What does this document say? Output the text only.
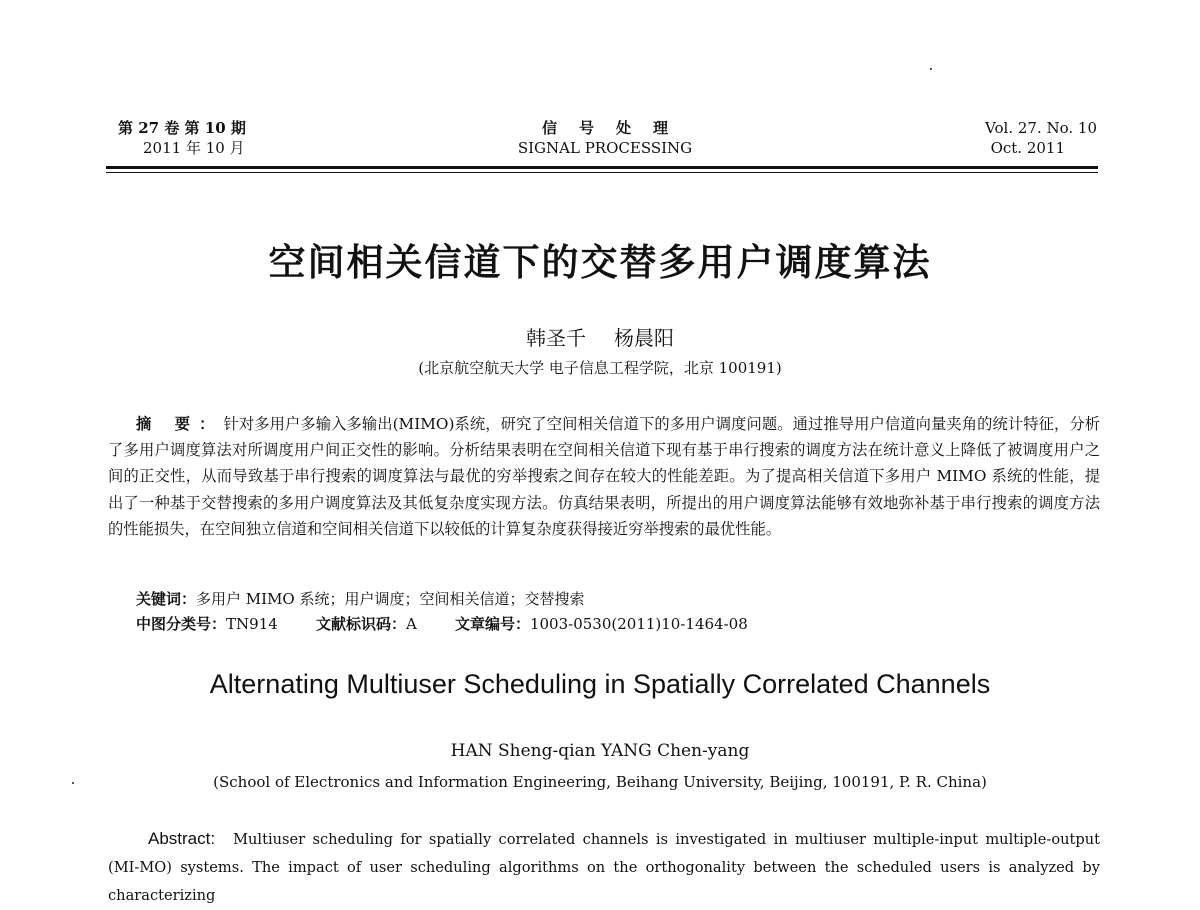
第 27 卷 第 10 期
2011 年 10 月
信号处理
SIGNAL PROCESSING
Vol. 27. No. 10
Oct. 2011
空间相关信道下的交替多用户调度算法
韩圣千 杨晨阳
(北京航空航天大学 电子信息工程学院，北京 100191)
摘 要：针对多用户多输入多输出(MIMO)系统，研究了空间相关信道下的多用户调度问题。通过推导用户信道向量夹角的统计特征，分析了多用户调度算法对所调度用户间正交性的影响。分析结果表明在空间相关信道下现有基于串行搜索的调度方法在统计意义上降低了被调度用户之间的正交性，从而导致基于串行搜索的调度算法与最优的穷举搜索之间存在较大的性能差距。为了提高相关信道下多用户 MIMO 系统的性能，提出了一种基于交替搜索的多用户调度算法及其低复杂度实现方法。仿真结果表明，所提出的用户调度算法能够有效地弥补基于串行搜索的调度方法的性能损失，在空间独立信道和空间相关信道下以较低的计算复杂度获得接近穷举搜索的最优性能。
关键词：多用户 MIMO 系统；用户调度；空间相关信道；交替搜索
中图分类号：TN914	文献标识码：A	文章编号：1003-0530(2011)10-1464-08
Alternating Multiuser Scheduling in Spatially Correlated Channels
HAN Sheng-qian YANG Chen-yang
(School of Electronics and Information Engineering, Beihang University, Beijing, 100191, P. R. China)
Abstract: Multiuser scheduling for spatially correlated channels is investigated in multiuser multiple-input multiple-output (MI-MO) systems. The impact of user scheduling algorithms on the orthogonality between the scheduled users is analyzed by characterizing
